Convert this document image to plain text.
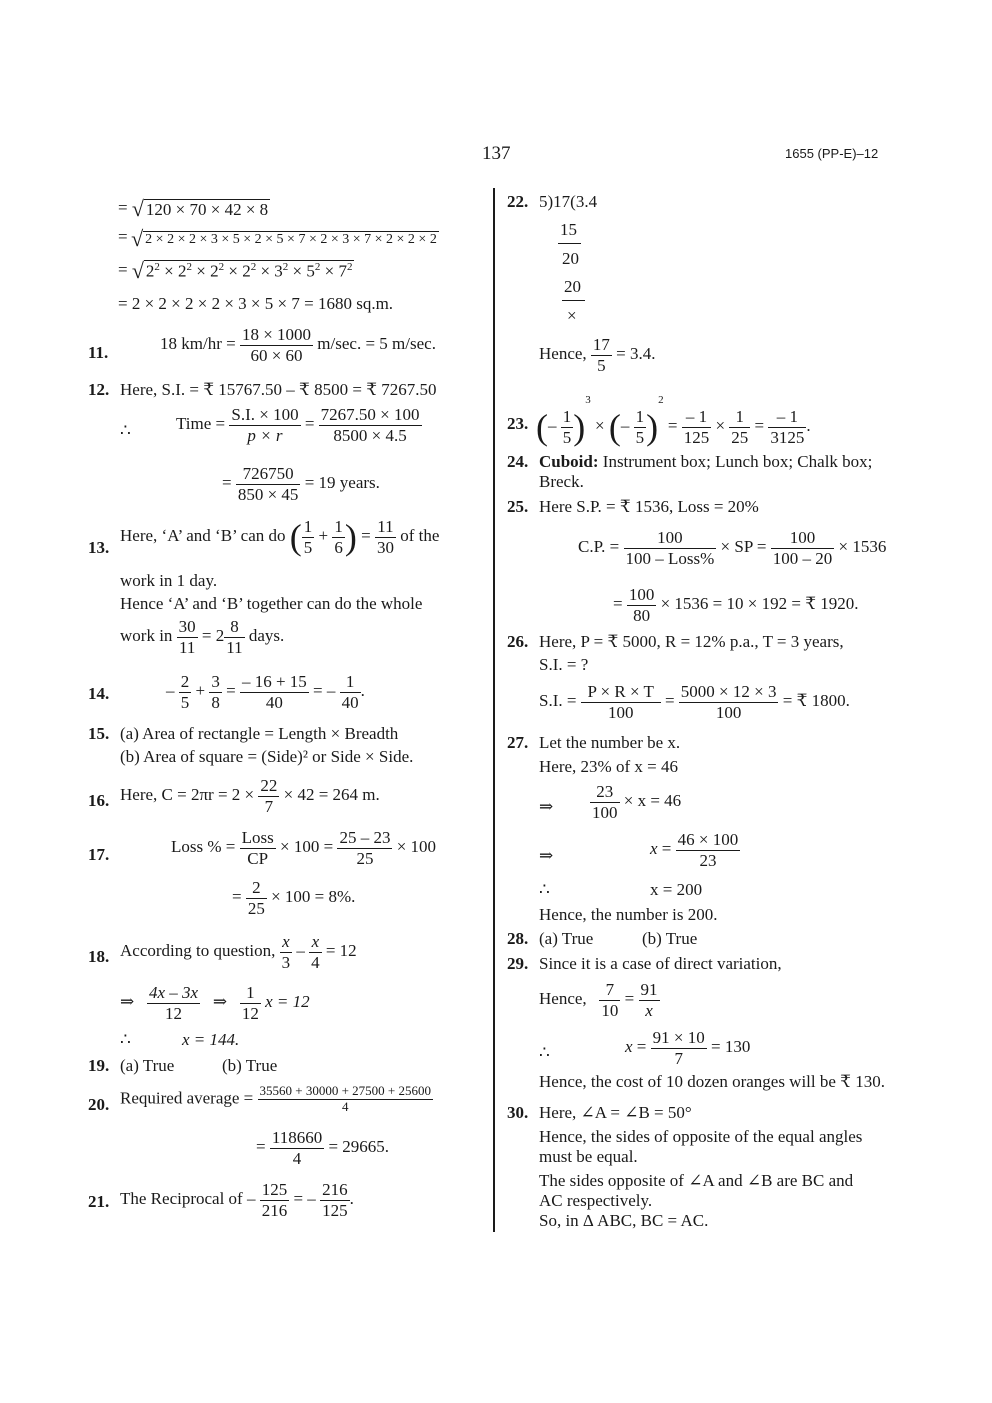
137	1655 (PP-E)–12
= √ 120 × 70 × 42 × 8
= √ 2 × 2 × 2 × 3 × 5 × 2 × 5 × 7 × 2 × 3 × 7 × 2 × 2 × 2
= √ $2^2 \times 2^2 \times 2^2 \times 2^2 \times 3^2 \times 5^2 \times 7^2$
= 2 × 2 × 2 × 2 × 3 × 5 × 7 = 1680 sq.m.
11.	18 $km/hr = \frac{18 \times 1000}{60 \times 60} m/\sec$. = 5 m/sec.
12. Here, S.I. = ₹ 15767.50 – ₹ 8500 = ₹ 7267.50
∴	Time = $\frac{S.I. \times 100}{p \times r} = \frac{7267.50 \times 100}{8500 \times 4.5}$
= $\frac{726750}{850 \times 45} = 19$ years.
13.
Here, ‘A’ and ‘B’ can do ( $\frac{1}{5} + \frac{1}{6}$ ) = $\frac{11}{30}$ of the
work in 1 day.
Hence ‘A’ and ‘B’ together can do the whole
work in $\frac{30}{11} = 2 \frac{8}{11}$ days.
14.	– $\frac{2}{5} + \frac{3}{8} = \frac{- 16 + 15}{40}$ = – $\frac{1}{40}$ .
15. (a) Area of rectangle = Length × Breadth
(b) Area of square = (Side)² or Side × Side.
16. Here, $C = 2\pi r = 2 \times \frac{22}{7} \times 42 = 264$ m.
17.	Loss % = $\frac{\text{Loss}}{CP} \times 100 = \frac{25 - 23}{25} \times 100$
= $\frac{2}{25} \times 100 = 8\%$.
18. According to question, $\frac{x}{3} - \frac{x}{4} = 12$
⇒ $\frac{4x - 3x}{12}$ ⇒ $\frac{1}{12}$ x = 12
∴	x = 144.
19. (a) True	(b) True
20. Required average = $\frac{35560 + 30000 + 27500 + 25600}{4}$
= $\frac{118660}{4} = 29665$.
21. The Reciprocal of – $\frac{125}{216}$ = – $\frac{216}{125}$ .
22. 5)17(3.4
15
20
20
×
Hence, $\frac{17}{5} = 3.4$.
23. (– $\frac{1}{5} )^3$ × (– $\frac{1}{5} )^2 = \frac{- 1}{125} \times \frac{1}{25} = \frac{- 1}{3125}$ .
24. Cuboid: Instrument box; Lunch box; Chalk box;
Breck.
25. Here S.P. = ₹ 1536, Loss = 20%
C.P. = $\frac{100}{\text{100 – Loss\%}}$ × SP = $\frac{100}{100 - 20} \times 1536$
= $\frac{100}{80} \times 1536 = 10 \times 192$ = ₹ 1920.
26. Here, P = ₹ 5000, R = 12% p.a., T = 3 years,
S.I. = ?
S.I. = $\frac{P \times R \times T}{100} = \frac{5000 \times 12 \times 3}{100}$ = ₹ 1800.
27. Let the number be x.
Here, 23% of x = 46
⇒ $\frac{23}{100} \times x = 46$
⇒	$x = \frac{46 \times 100}{23}$
∴	x = 200
Hence, the number is 200.
28. (a) True	(b) True
29. Since it is a case of direct variation,
Hence, $\frac{7}{10} = \frac{91}{x}$
∴	$x = \frac{91 \times 10}{7} = 130$
Hence, the cost of 10 dozen oranges will be ₹ 130.
30. Here, ∠A = ∠B = 50°
Hence, the sides of opposite of the equal angles
must be equal.
The sides opposite of ∠A and ∠B are BC and
AC respectively.
So, in Δ ABC, BC = AC.
